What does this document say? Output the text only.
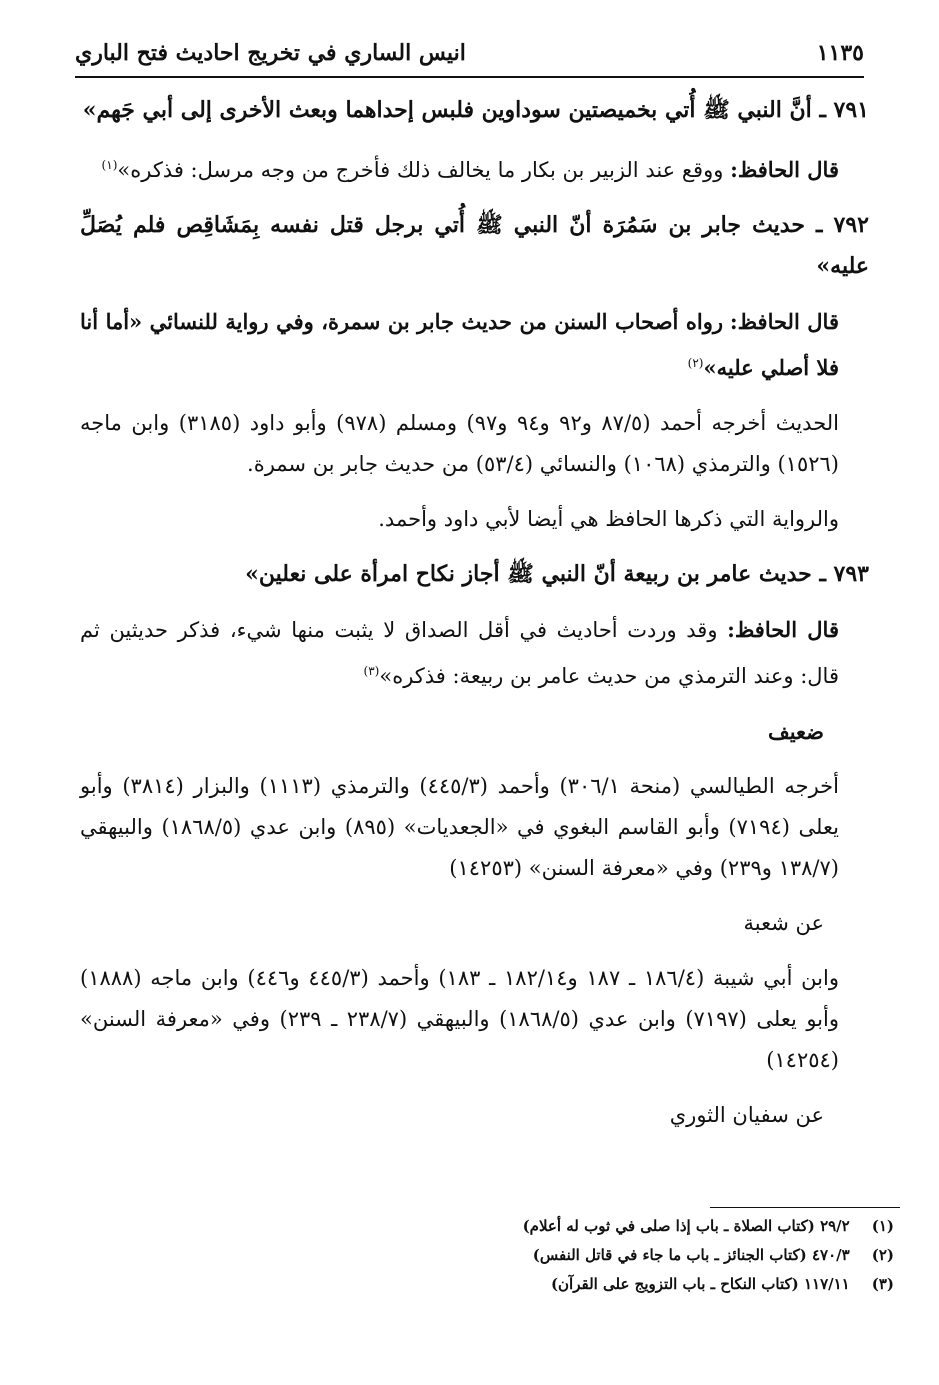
انيس الساري في تخريج احاديث فتح الباري	١١٣٥

٧٩١ ـ أنَّ النبي ﷺ أُتي بخميصتين سوداوين فلبس إحداهما وبعث الأخرى إلى أبي جَهم»

قال الحافظ: ووقع عند الزبير بن بكار ما يخالف ذلك فأخرج من وجه مرسل: فذكره»$^{(١)}$

٧٩٢ ـ حديث جابر بن سَمُرَة أنّ النبي ﷺ أُتي برجل قتل نفسه بِمَشَاقِص فلم يُصَلِّ عليه»

قال الحافظ: رواه أصحاب السنن من حديث جابر بن سمرة، وفي رواية للنسائي «أما أنا فلا أصلي عليه»$^{(٢)}$

الحديث أخرجه أحمد (٨٧/٥ و٩٢ و٩٤ و٩٧) ومسلم (٩٧٨) وأبو داود (٣١٨٥) وابن ماجه (١٥٢٦) والترمذي (١٠٦٨) والنسائي (٥٣/٤) من حديث جابر بن سمرة.

والرواية التي ذكرها الحافظ هي أيضا لأبي داود وأحمد.

٧٩٣ ـ حديث عامر بن ربيعة أنّ النبي ﷺ أجاز نكاح امرأة على نعلين»

قال الحافظ: وقد وردت أحاديث في أقل الصداق لا يثبت منها شيء، فذكر حديثين ثم قال: وعند الترمذي من حديث عامر بن ربيعة: فذكره»$^{(٣)}$

ضعيف

أخرجه الطيالسي (منحة ٣٠٦/١) وأحمد (٤٤٥/٣) والترمذي (١١١٣) والبزار (٣٨١٤) وأبو يعلى (٧١٩٤) وأبو القاسم البغوي في «الجعديات» (٨٩٥) وابن عدي (١٨٦٨/٥) والبيهقي (١٣٨/٧ و٢٣٩) وفي «معرفة السنن» (١٤٢٥٣)

عن شعبة

وابن أبي شيبة (١٨٦/٤ ـ ١٨٧ و١٨٢/١٤ ـ ١٨٣) وأحمد (٤٤٥/٣ و٤٤٦) وابن ماجه (١٨٨٨) وأبو يعلى (٧١٩٧) وابن عدي (١٨٦٨/٥) والبيهقي (٢٣٨/٧ ـ ٢٣٩) وفي «معرفة السنن» (١٤٢٥٤)

عن سفيان الثوري

(١)
٢٩/٢ (كتاب الصلاة ـ باب إذا صلى في ثوب له أعلام)
(٢)
٤٧٠/٣ (كتاب الجنائز ـ باب ما جاء في قاتل النفس)
(٣)
١١٧/١١ (كتاب النكاح ـ باب التزويج على القرآن)
